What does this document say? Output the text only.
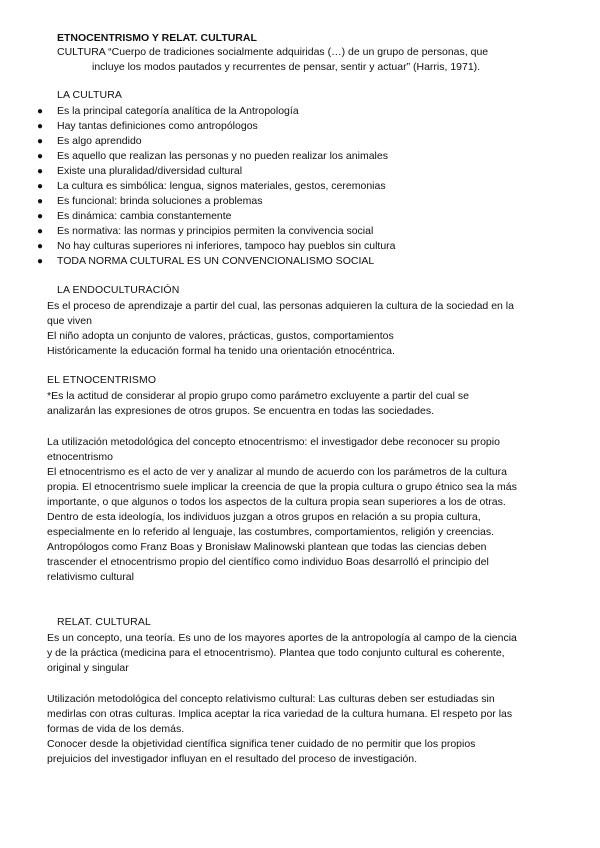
ETNOCENTRISMO Y RELAT. CULTURAL
CULTURA “Cuerpo de tradiciones socialmente adquiridas (…) de un grupo de personas, que
incluye los modos pautados y recurrentes de pensar, sentir y actuar” (Harris, 1971).
LA CULTURA
● Es la principal categoría analítica de la Antropología
● Hay tantas definiciones como antropólogos
● Es algo aprendido
● Es aquello que realizan las personas y no pueden realizar los animales
● Existe una pluralidad/diversidad cultural
● La cultura es simbólica: lengua, signos materiales, gestos, ceremonias
● Es funcional: brinda soluciones a problemas
● Es dinámica: cambia constantemente
● Es normativa: las normas y principios permiten la convivencia social
● No hay culturas superiores ni inferiores, tampoco hay pueblos sin cultura
● TODA NORMA CULTURAL ES UN CONVENCIONALISMO SOCIAL
LA ENDOCULTURACIÓN

Es el proceso de aprendizaje a partir del cual, las personas adquieren la cultura de la sociedad en la que viven

El niño adopta un conjunto de valores, prácticas, gustos, comportamientos

Históricamente la educación formal ha tenido una orientación etnocéntrica.

EL ETNOCENTRISMO

*Es la actitud de considerar al propio grupo como parámetro excluyente a partir del cual se analizarán las expresiones de otros grupos. Se encuentra en todas las sociedades.

La utilización metodológica del concepto etnocentrismo: el investigador debe reconocer su propio etnocentrismo

El etnocentrismo es el acto de ver y analizar al mundo de acuerdo con los parámetros de la cultura propia. El etnocentrismo suele implicar la creencia de que la propia cultura o grupo étnico sea la más importante, o que algunos o todos los aspectos de la cultura propia sean superiores a los de otras.

Dentro de esta ideología, los individuos juzgan a otros grupos en relación a su propia cultura, especialmente en lo referido al lenguaje, las costumbres, comportamientos, religión y creencias.

Antropólogos como Franz Boas y Bronisław Malinowski plantean que todas las ciencias deben trascender el etnocentrismo propio del científico como individuo Boas desarrolló el principio del relativismo cultural

RELAT. CULTURAL

Es un concepto, una teoría. Es uno de los mayores aportes de la antropología al campo de la ciencia y de la práctica (medicina para el etnocentrismo). Plantea que todo conjunto cultural es coherente, original y singular

Utilización metodológica del concepto relativismo cultural: Las culturas deben ser estudiadas sin medirlas con otras culturas. Implica aceptar la rica variedad de la cultura humana. El respeto por las formas de vida de los demás.

Conocer desde la objetividad científica significa tener cuidado de no permitir que los propios prejuicios del investigador influyan en el resultado del proceso de investigación.
